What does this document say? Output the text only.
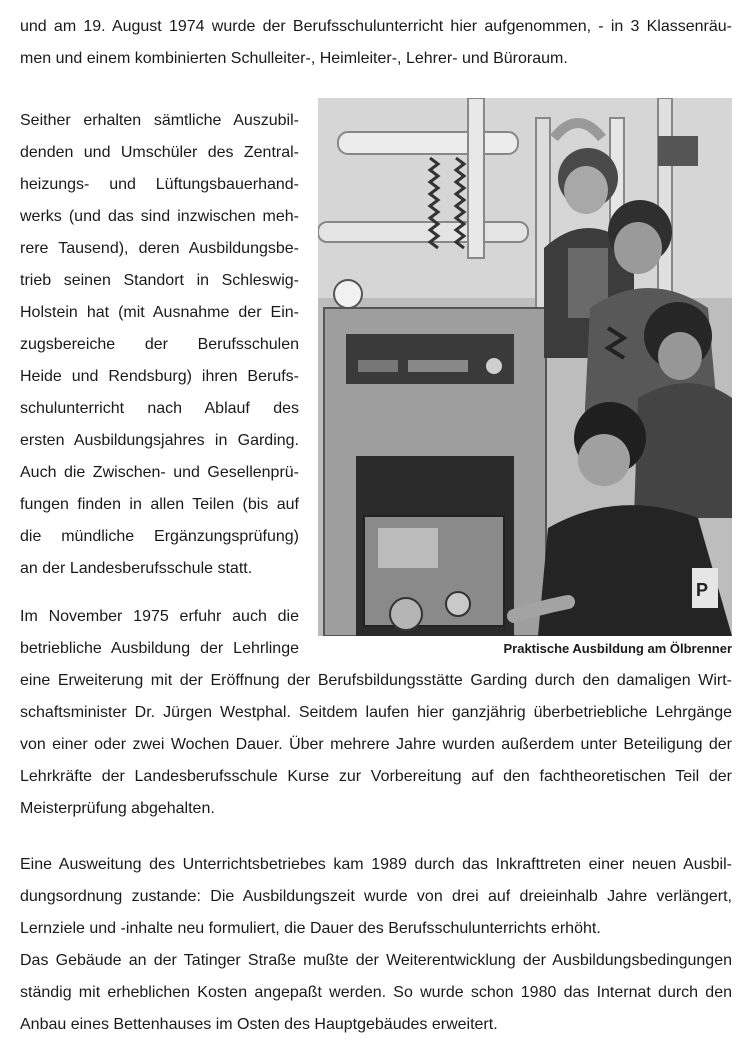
und am 19. August 1974 wurde der Berufsschulunterricht hier aufgenommen, - in 3 Klassenräu-
men und einem kombinierten Schulleiter-, Heimleiter-, Lehrer- und Büroraum.
Seither erhalten sämtliche Auszubil-
denden und Umschüler des Zentral-
heizungs- und Lüftungsbauerhand-
werks (und das sind inzwischen meh-
rere Tausend), deren Ausbildungsbe-
trieb seinen Standort in Schleswig-
Holstein hat (mit Ausnahme der Ein-
zugsbereiche der Berufsschulen
Heide und Rendsburg) ihren Berufs-
schulunterricht nach Ablauf des
ersten Ausbildungsjahres in Garding.
Auch die Zwischen- und Gesellenprü-
fungen finden in allen Teilen (bis auf
die mündliche Ergänzungsprüfung)
an der Landesberufsschule statt.
Im November 1975 erfuhr auch die
betriebliche Ausbildung der Lehrlinge
P
Praktische Ausbildung am Ölbrenner
eine Erweiterung mit der Eröffnung der Berufsbildungsstätte Garding durch den damaligen Wirt-
schaftsminister Dr. Jürgen Westphal. Seitdem laufen hier ganzjährig überbetriebliche Lehrgänge
von einer oder zwei Wochen Dauer. Über mehrere Jahre wurden außerdem unter Beteiligung der
Lehrkräfte der Landesberufsschule Kurse zur Vorbereitung auf den fachtheoretischen Teil der
Meisterprüfung abgehalten.
Eine Ausweitung des Unterrichtsbetriebes kam 1989 durch das Inkrafttreten einer neuen Ausbil-
dungsordnung zustande: Die Ausbildungszeit wurde von drei auf dreieinhalb Jahre verlängert,
Lernziele und -inhalte neu formuliert, die Dauer des Berufsschulunterrichts erhöht.
Das Gebäude an der Tatinger Straße mußte der Weiterentwicklung der Ausbildungsbedingungen
ständig mit erheblichen Kosten angepaßt werden. So wurde schon 1980 das Internat durch den
Anbau eines Bettenhauses im Osten des Hauptgebäudes erweitert.
